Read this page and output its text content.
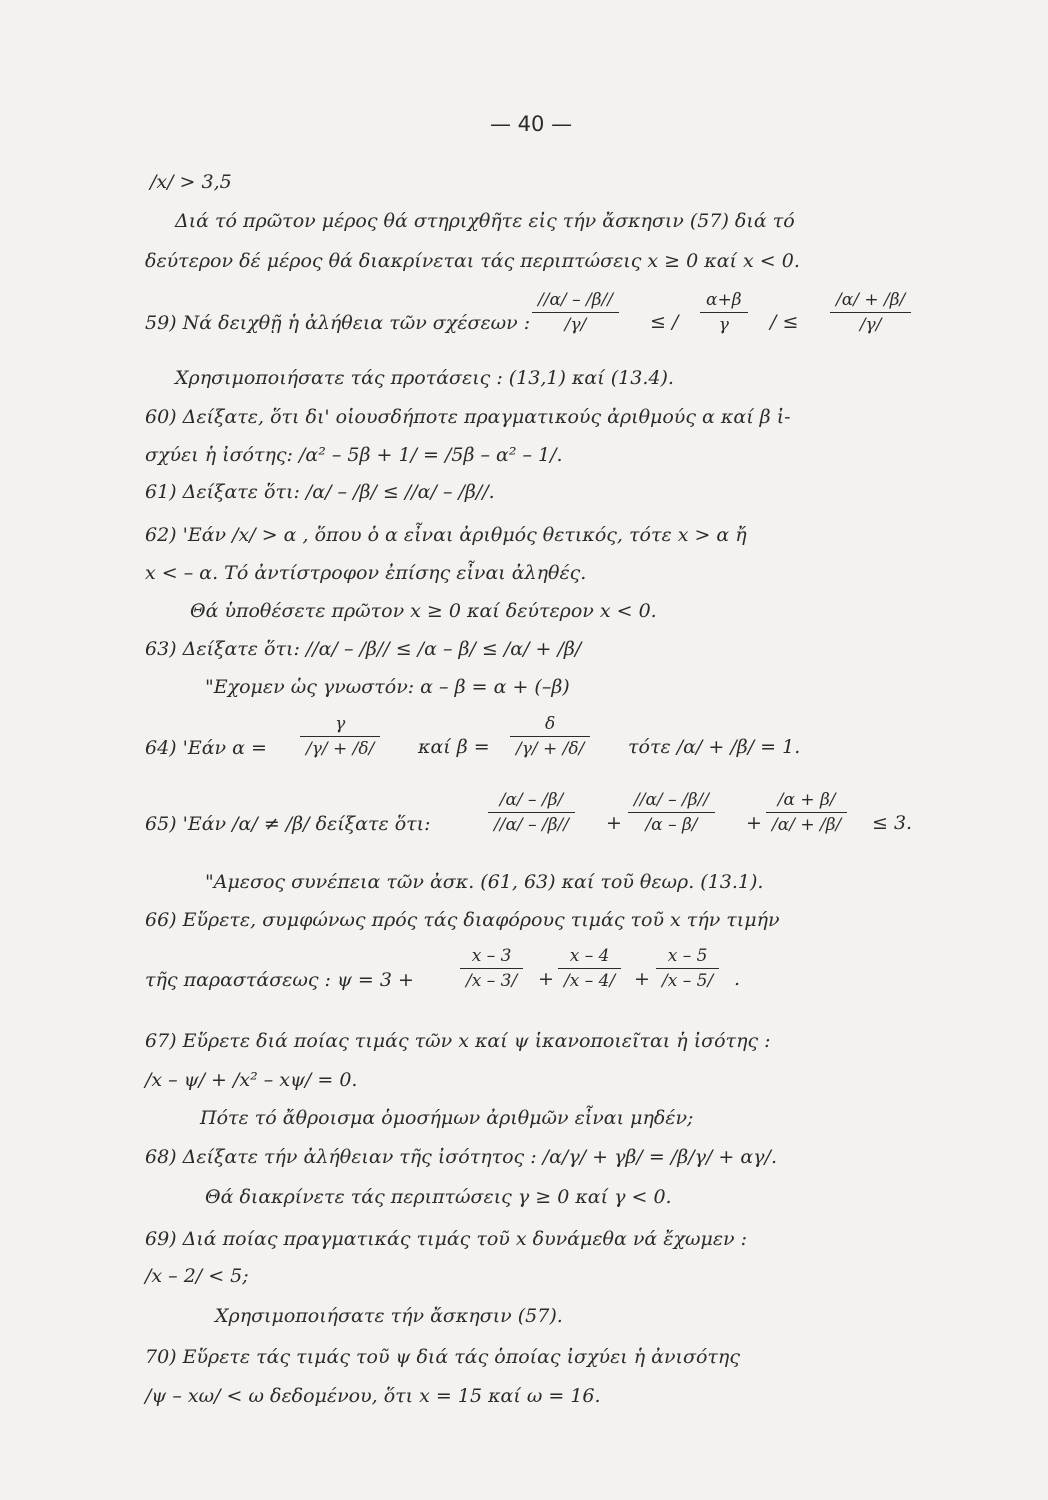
— 40 —
/x/ > 3,5
Διά τό πρῶτον μέρος θά στηριχθῆτε εἰς τήν ἄσκησιν (57) διά τό
δεύτερον δέ μέρος θά διακρίνεται τάς περιπτώσεις x ≥ 0 καί x < 0.
59) Νά δειχθῇ ἡ ἀλήθεια τῶν σχέσεων :
//α/ – /β//
/γ/	≤ /
α+β
γ	/ ≤
/α/ + /β/
/γ/
Χρησιμοποιήσατε τάς προτάσεις : (13,1) καί (13.4).
60) Δείξατε, ὅτι δι' οἱουσδήποτε πραγματικούς ἀριθμούς α καί β ἰ-
σχύει ἡ ἰσότης: /α² – 5β + 1/ = /5β – α² – 1/.
61) Δείξατε ὅτι: /α/ – /β/ ≤ //α/ – /β//.
62) 'Εάν /x/ > α , ὅπου ὁ α εἶναι ἀριθμός θετικός, τότε x > α ἤ
x < – α. Τό ἀντίστροφον ἐπίσης εἶναι ἀληθές.
Θά ὑποθέσετε πρῶτον x ≥ 0 καί δεύτερον x < 0.
63) Δείξατε ὅτι: //α/ – /β// ≤ /α – β/ ≤ /α/ + /β/
"Εχομεν ὡς γνωστόν: α – β = α + (–β)
64) 'Εάν α =
γ
/γ/ + /δ/	καί β =
δ
/γ/ + /δ/	τότε /α/ + /β/ = 1.
65) 'Εάν /α/ ≠ /β/ δείξατε ὅτι:
/α/ – /β/
//α/ – /β//	+
//α/ – /β//
/α – β/	+
/α + β/
/α/ + /β/	≤ 3.
"Αμεσος συνέπεια τῶν ἀσκ. (61, 63) καί τοῦ θεωρ. (13.1).
66) Εὕρετε, συμφώνως πρός τάς διαφόρους τιμάς τοῦ x τήν τιμήν
τῆς παραστάσεως : ψ = 3 +
x – 3
/x – 3/	+
x – 4
/x – 4/ +
x – 5
/x – 5/	.
67) Εὕρετε διά ποίας τιμάς τῶν x καί ψ ἱκανοποιεῖται ἡ ἰσότης :
/x – ψ/ + /x² – xψ/ = 0.
Πότε τό ἄθροισμα ὁμοσήμων ἀριθμῶν εἶναι μηδέν;
68) Δείξατε τήν ἀλήθειαν τῆς ἰσότητος : /α/γ/ + γβ/ = /β/γ/ + αγ/.
Θά διακρίνετε τάς περιπτώσεις γ ≥ 0 καί γ < 0.
69) Διά ποίας πραγματικάς τιμάς τοῦ x δυνάμεθα νά ἔχωμεν :
/x – 2/ < 5;
Χρησιμοποιήσατε τήν ἄσκησιν (57).
70) Εὕρετε τάς τιμάς τοῦ ψ διά τάς ὁποίας ἰσχύει ἡ ἀνισότης
/ψ – xω/ < ω δεδομένου, ὅτι x = 15 καί ω = 16.
